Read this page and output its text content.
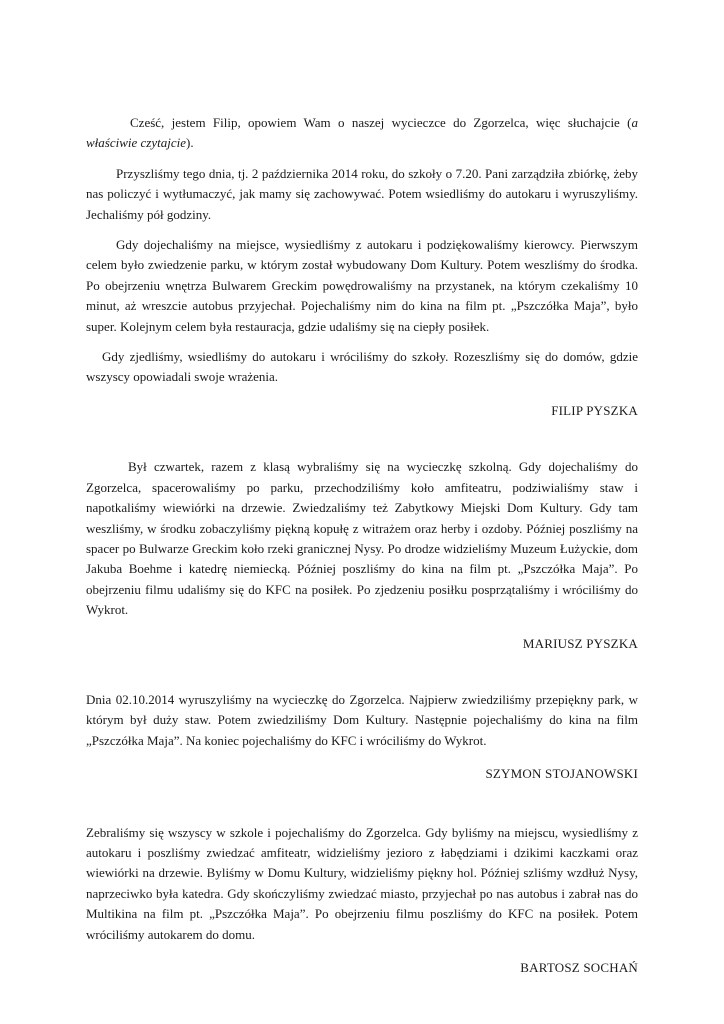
Cześć, jestem Filip, opowiem Wam o naszej wycieczce do Zgorzelca, więc słuchajcie (a właściwie czytajcie).

Przyszliśmy tego dnia, tj. 2 października 2014 roku, do szkoły o 7.20. Pani zarządziła zbiórkę, żeby nas policzyć i wytłumaczyć, jak mamy się zachowywać. Potem wsiedliśmy do autokaru i wyruszyliśmy. Jechaliśmy pół godziny.

Gdy dojechaliśmy na miejsce, wysiedliśmy z autokaru i podziękowaliśmy kierowcy. Pierwszym celem było zwiedzenie parku, w którym został wybudowany Dom Kultury. Potem weszliśmy do środka. Po obejrzeniu wnętrza Bulwarem Greckim powędrowaliśmy na przystanek, na którym czekaliśmy 10 minut, aż wreszcie autobus przyjechał. Pojechaliśmy nim do kina na film pt. „Pszczółka Maja”, było super. Kolejnym celem była restauracja, gdzie udaliśmy się na ciepły posiłek.

Gdy zjedliśmy, wsiedliśmy do autokaru i wróciliśmy do szkoły. Rozeszliśmy się do domów, gdzie wszyscy opowiadali swoje wrażenia.

FILIP PYSZKA

Był czwartek, razem z klasą wybraliśmy się na wycieczkę szkolną. Gdy dojechaliśmy do Zgorzelca, spacerowaliśmy po parku, przechodziliśmy koło amfiteatru, podziwialiśmy staw i napotkaliśmy wiewiórki na drzewie. Zwiedzaliśmy też Zabytkowy Miejski Dom Kultury. Gdy tam weszliśmy, w środku zobaczyliśmy piękną kopułę z witrażem oraz herby i ozdoby. Później poszliśmy na spacer po Bulwarze Greckim koło rzeki granicznej Nysy. Po drodze widzieliśmy Muzeum Łużyckie, dom Jakuba Boehme i katedrę niemiecką. Później poszliśmy do kina na film pt. „Pszczółka Maja”. Po obejrzeniu filmu udaliśmy się do KFC na posiłek. Po zjedzeniu posiłku posprzątaliśmy i wróciliśmy do Wykrot.

MARIUSZ PYSZKA

Dnia 02.10.2014 wyruszyliśmy na wycieczkę do Zgorzelca. Najpierw zwiedziliśmy przepiękny park, w którym był duży staw. Potem zwiedziliśmy Dom Kultury. Następnie pojechaliśmy do kina na film „Pszczółka Maja”. Na koniec pojechaliśmy do KFC i wróciliśmy do Wykrot.

SZYMON STOJANOWSKI

Zebraliśmy się wszyscy w szkole i pojechaliśmy do Zgorzelca. Gdy byliśmy na miejscu, wysiedliśmy z autokaru i poszliśmy zwiedzać amfiteatr, widzieliśmy jezioro z łabędziami i dzikimi kaczkami oraz wiewiórki na drzewie. Byliśmy w Domu Kultury, widzieliśmy piękny hol. Później szliśmy wzdłuż Nysy, naprzeciwko była katedra. Gdy skończyliśmy zwiedzać miasto, przyjechał po nas autobus i zabrał nas do Multikina na film pt. „Pszczółka Maja”. Po obejrzeniu filmu poszliśmy do KFC na posiłek. Potem wróciliśmy autokarem do domu.

BARTOSZ SOCHAŃ
